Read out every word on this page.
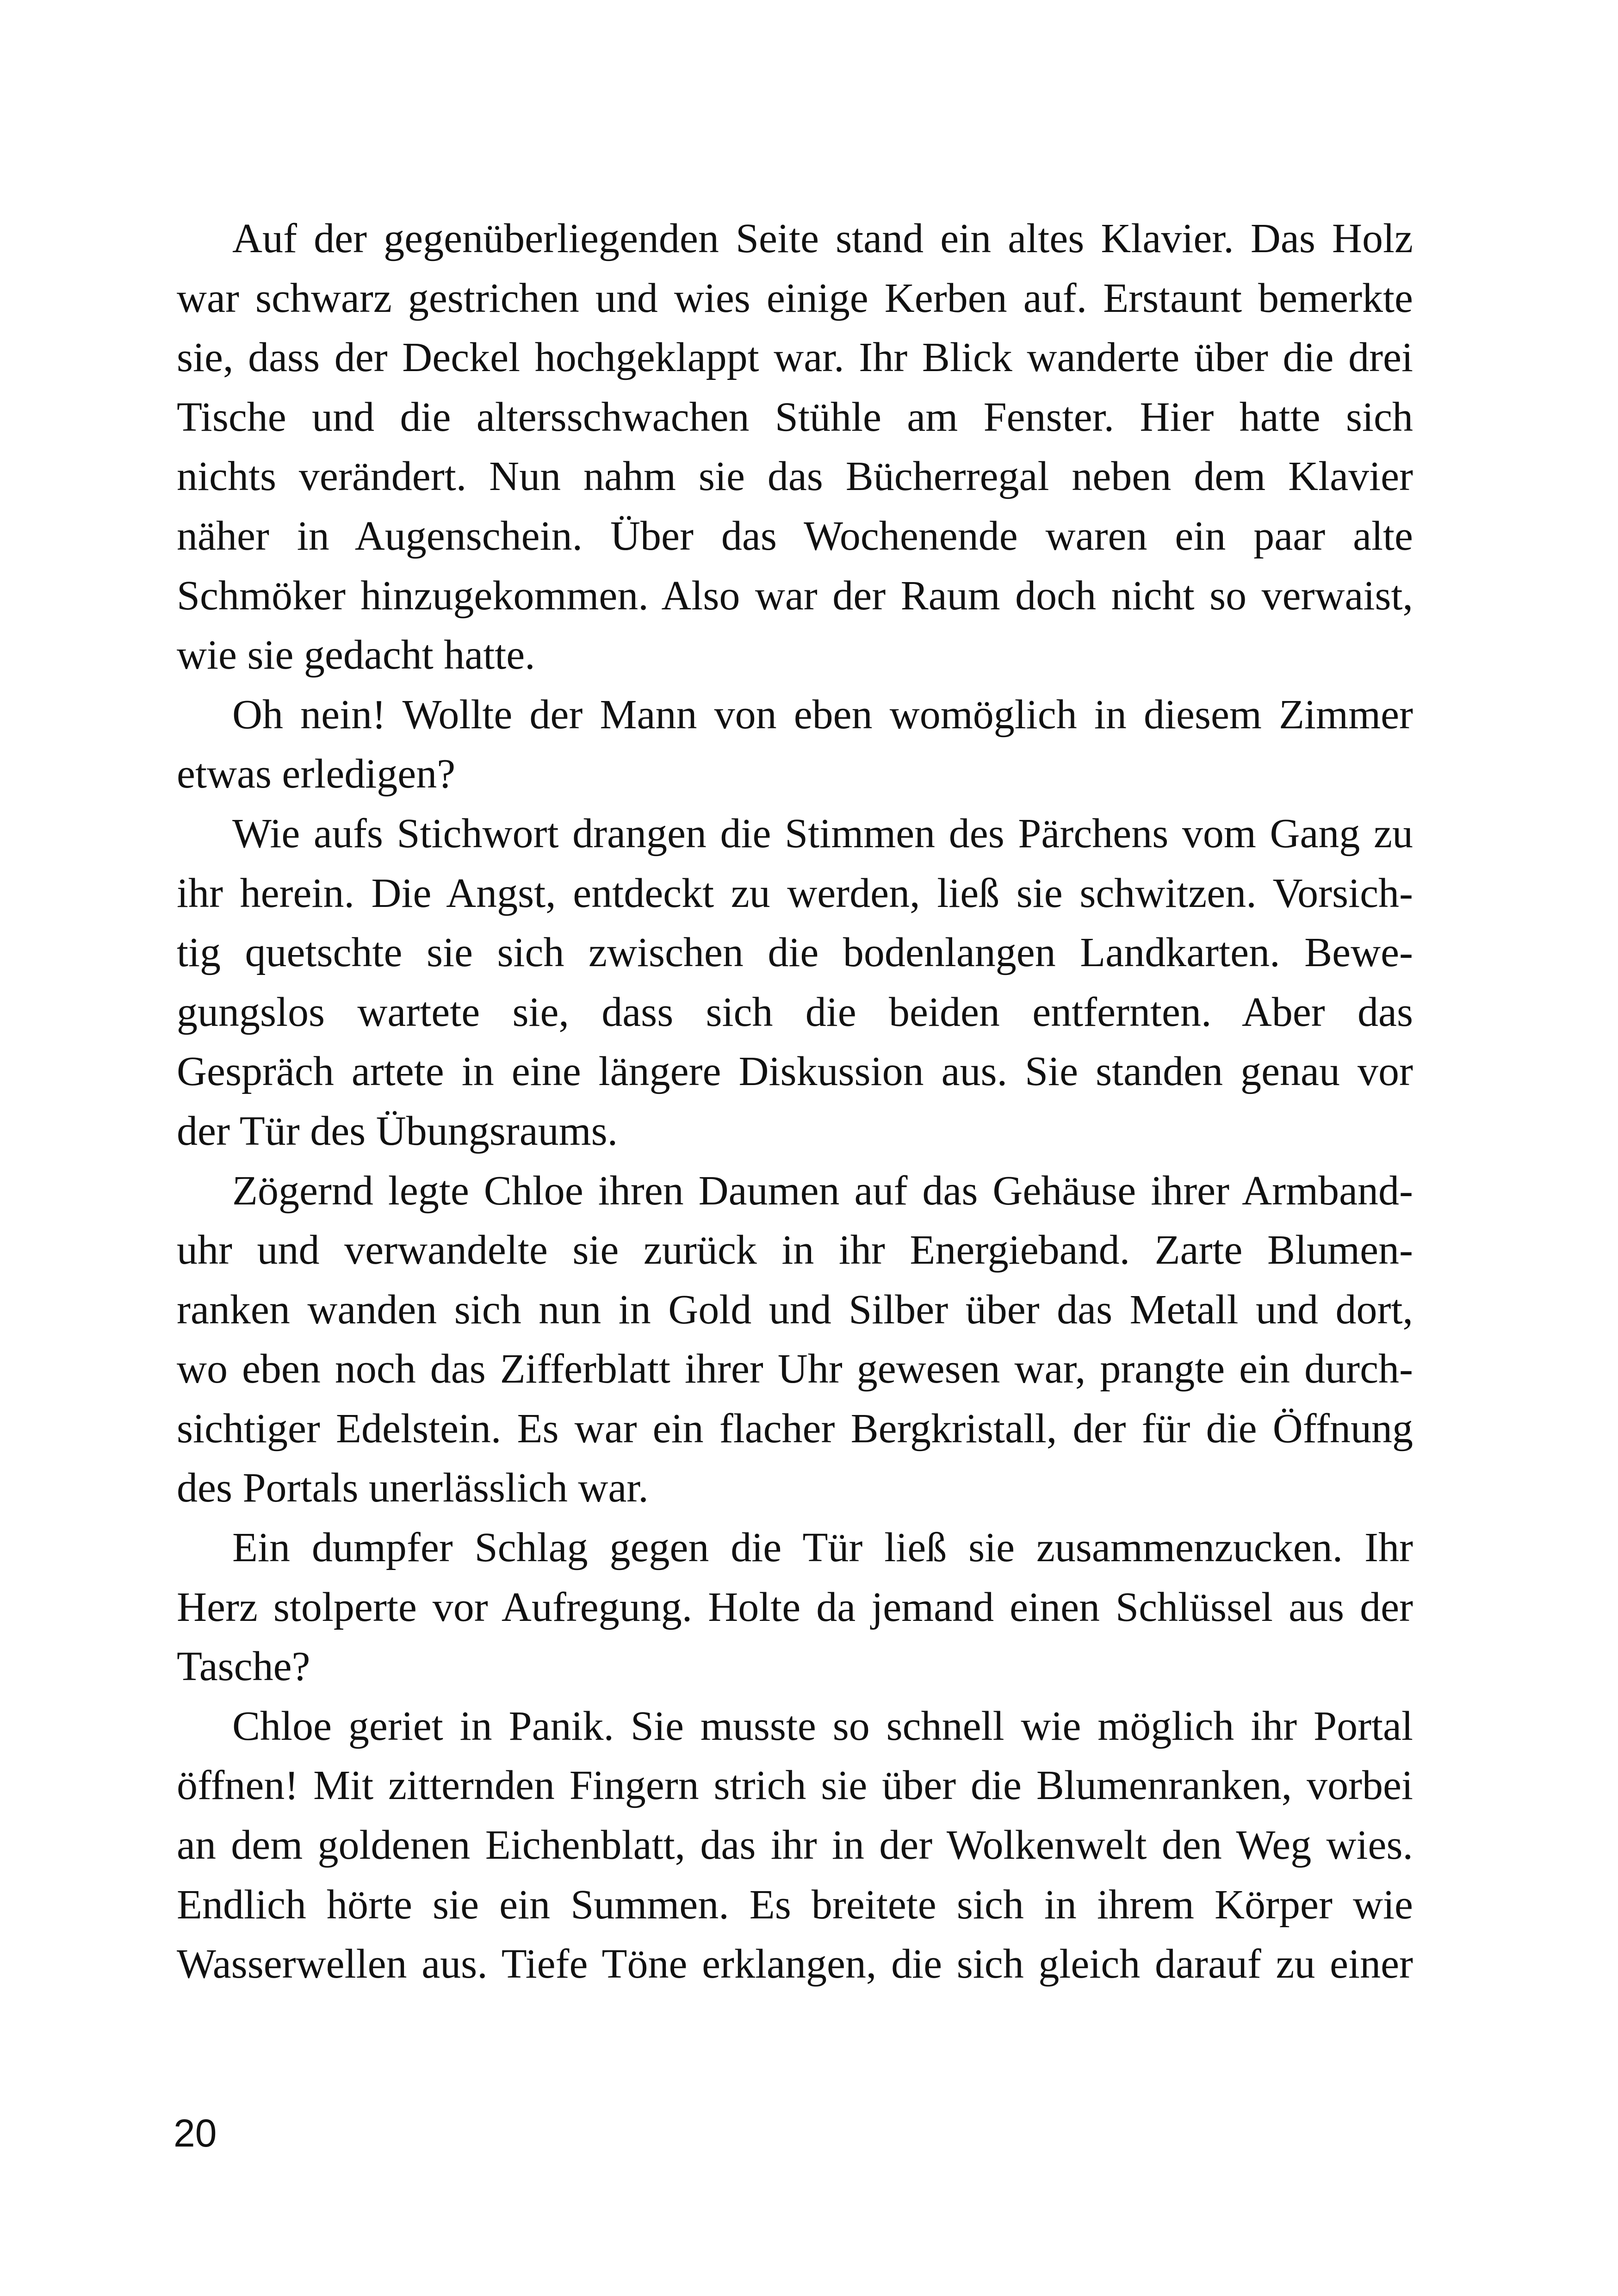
Auf der gegenüberliegenden Seite stand ein altes Klavier. Das Holz
war schwarz gestrichen und wies einige Kerben auf. Erstaunt bemerkte
sie, dass der Deckel hochgeklappt war. Ihr Blick wanderte über die drei
Tische und die altersschwachen Stühle am Fenster. Hier hatte sich
nichts verändert. Nun nahm sie das Bücherregal neben dem Klavier
näher in Augenschein. Über das Wochenende waren ein paar alte
Schmöker hinzugekommen. Also war der Raum doch nicht so verwaist,
wie sie gedacht hatte.
Oh nein! Wollte der Mann von eben womöglich in diesem Zimmer
etwas erledigen?
Wie aufs Stichwort drangen die Stimmen des Pärchens vom Gang zu
ihr herein. Die Angst, entdeckt zu werden, ließ sie schwitzen. Vorsich-
tig quetschte sie sich zwischen die bodenlangen Landkarten. Bewe-
gungslos wartete sie, dass sich die beiden entfernten. Aber das
Gespräch artete in eine längere Diskussion aus. Sie standen genau vor
der Tür des Übungsraums.
Zögernd legte Chloe ihren Daumen auf das Gehäuse ihrer Armband-
uhr und verwandelte sie zurück in ihr Energieband. Zarte Blumen-
ranken wanden sich nun in Gold und Silber über das Metall und dort,
wo eben noch das Zifferblatt ihrer Uhr gewesen war, prangte ein durch-
sichtiger Edelstein. Es war ein flacher Bergkristall, der für die Öffnung
des Portals unerlässlich war.
Ein dumpfer Schlag gegen die Tür ließ sie zusammenzucken. Ihr
Herz stolperte vor Aufregung. Holte da jemand einen Schlüssel aus der
Tasche?
Chloe geriet in Panik. Sie musste so schnell wie möglich ihr Portal
öffnen! Mit zitternden Fingern strich sie über die Blumenranken, vorbei
an dem goldenen Eichenblatt, das ihr in der Wolkenwelt den Weg wies.
Endlich hörte sie ein Summen. Es breitete sich in ihrem Körper wie
Wasserwellen aus. Tiefe Töne erklangen, die sich gleich darauf zu einer
20
